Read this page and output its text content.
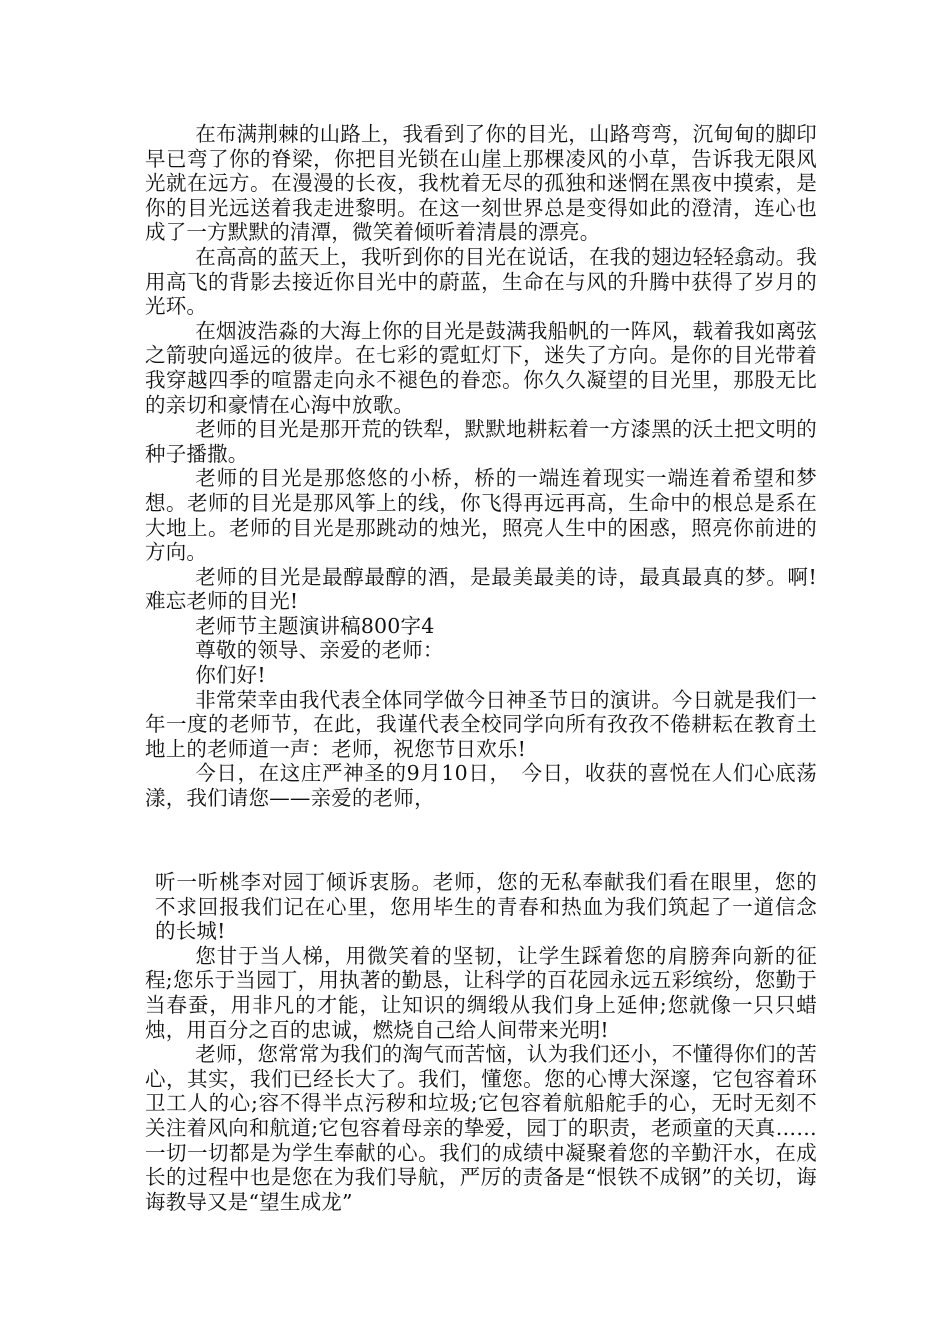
在布满荆棘的山路上，我看到了你的目光，山路弯弯，沉甸甸的脚印早已弯了你的脊梁，你把目光锁在山崖上那棵凌风的小草，告诉我无限风光就在远方。在漫漫的长夜，我枕着无尽的孤独和迷惘在黑夜中摸索，是你的目光远送着我走进黎明。在这一刻世界总是变得如此的澄清，连心也成了一方默默的清潭，微笑着倾听着清晨的漂亮。

在高高的蓝天上，我听到你的目光在说话，在我的翅边轻轻翕动。我用高飞的背影去接近你目光中的蔚蓝，生命在与风的升腾中获得了岁月的光环。

在烟波浩淼的大海上你的目光是鼓满我船帆的一阵风，载着我如离弦之箭驶向遥远的彼岸。在七彩的霓虹灯下，迷失了方向。是你的目光带着我穿越四季的喧嚣走向永不褪色的眷恋。你久久凝望的目光里，那股无比的亲切和豪情在心海中放歌。

老师的目光是那开荒的铁犁，默默地耕耘着一方漆黑的沃土把文明的种子播撒。

老师的目光是那悠悠的小桥，桥的一端连着现实一端连着希望和梦想。老师的目光是那风筝上的线，你飞得再远再高，生命中的根总是系在大地上。老师的目光是那跳动的烛光，照亮人生中的困惑，照亮你前进的方向。

老师的目光是最醇最醇的酒，是最美最美的诗，最真最真的梦。啊!难忘老师的目光!

老师节主题演讲稿800字4

尊敬的领导、亲爱的老师：

你们好!

非常荣幸由我代表全体同学做今日神圣节日的演讲。今日就是我们一年一度的老师节，在此，我谨代表全校同学向所有孜孜不倦耕耘在教育土地上的老师道一声：老师，祝您节日欢乐!

今日，在这庄严神圣的9月10日，　今日，收获的喜悦在人们心底荡漾，我们请您——亲爱的老师，

听一听桃李对园丁倾诉衷肠。老师，您的无私奉献我们看在眼里，您的不求回报我们记在心里，您用毕生的青春和热血为我们筑起了一道信念的长城!

您甘于当人梯，用微笑着的坚韧，让学生踩着您的肩膀奔向新的征程;您乐于当园丁，用执著的勤恳，让科学的百花园永远五彩缤纷，您勤于当春蚕，用非凡的才能，让知识的绸缎从我们身上延伸;您就像一只只蜡烛，用百分之百的忠诚，燃烧自己给人间带来光明!

老师，您常常为我们的淘气而苦恼，认为我们还小，不懂得你们的苦心，其实，我们已经长大了。我们，懂您。您的心博大深邃，它包容着环卫工人的心;容不得半点污秽和垃圾;它包容着航船舵手的心，无时无刻不关注着风向和航道;它包容着母亲的挚爱，园丁的职责，老顽童的天真……一切一切都是为学生奉献的心。我们的成绩中凝聚着您的辛勤汗水，在成长的过程中也是您在为我们导航，严厉的责备是“恨铁不成钢”的关切，诲诲教导又是“望生成龙”
